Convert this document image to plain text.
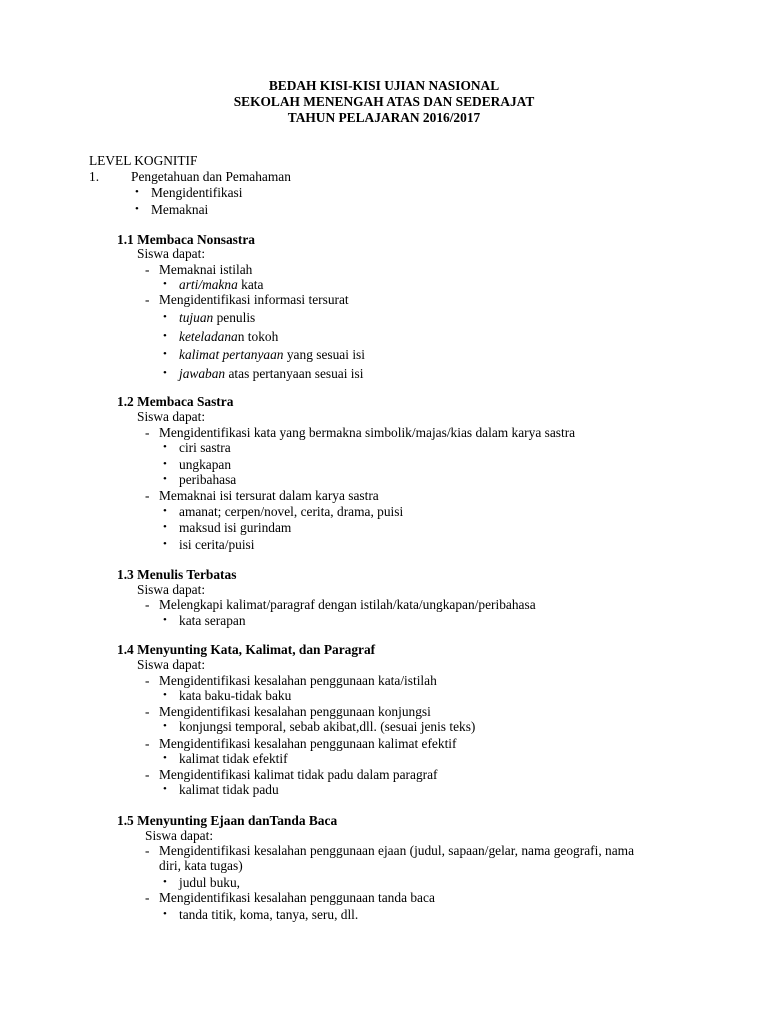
BEDAH KISI-KISI UJIAN NASIONAL
SEKOLAH MENENGAH ATAS DAN SEDERAJAT
TAHUN PELAJARAN 2016/2017
LEVEL KOGNITIF
1. Pengetahuan dan Pemahaman
• Mengidentifikasi
• Memaknai
1.1 Membaca Nonsastra
Siswa dapat:
- Memaknai istilah
• arti/makna kata
- Mengidentifikasi informasi tersurat
• tujuan penulis
• keteladanan tokoh
• kalimat pertanyaan yang sesuai isi
• jawaban atas pertanyaan sesuai isi
1.2 Membaca Sastra
Siswa dapat:
- Mengidentifikasi kata yang bermakna simbolik/majas/kias dalam karya sastra
• ciri sastra
• ungkapan
• peribahasa
- Memaknai isi tersurat dalam karya sastra
• amanat; cerpen/novel, cerita, drama, puisi
• maksud isi gurindam
• isi cerita/puisi
1.3 Menulis Terbatas
Siswa dapat:
- Melengkapi kalimat/paragraf dengan istilah/kata/ungkapan/peribahasa
• kata serapan
1.4 Menyunting Kata, Kalimat, dan Paragraf
Siswa dapat:
- Mengidentifikasi kesalahan penggunaan kata/istilah
• kata baku-tidak baku
- Mengidentifikasi kesalahan penggunaan konjungsi
• konjungsi temporal, sebab akibat,dll. (sesuai jenis teks)
- Mengidentifikasi kesalahan penggunaan kalimat efektif
• kalimat tidak efektif
- Mengidentifikasi kalimat tidak padu dalam paragraf
• kalimat tidak padu
1.5 Menyunting Ejaan danTanda Baca
Siswa dapat:
- Mengidentifikasi kesalahan penggunaan ejaan (judul, sapaan/gelar, nama geografi, nama
diri, kata tugas)
• judul buku,
- Mengidentifikasi kesalahan penggunaan tanda baca
• tanda titik, koma, tanya, seru, dll.
